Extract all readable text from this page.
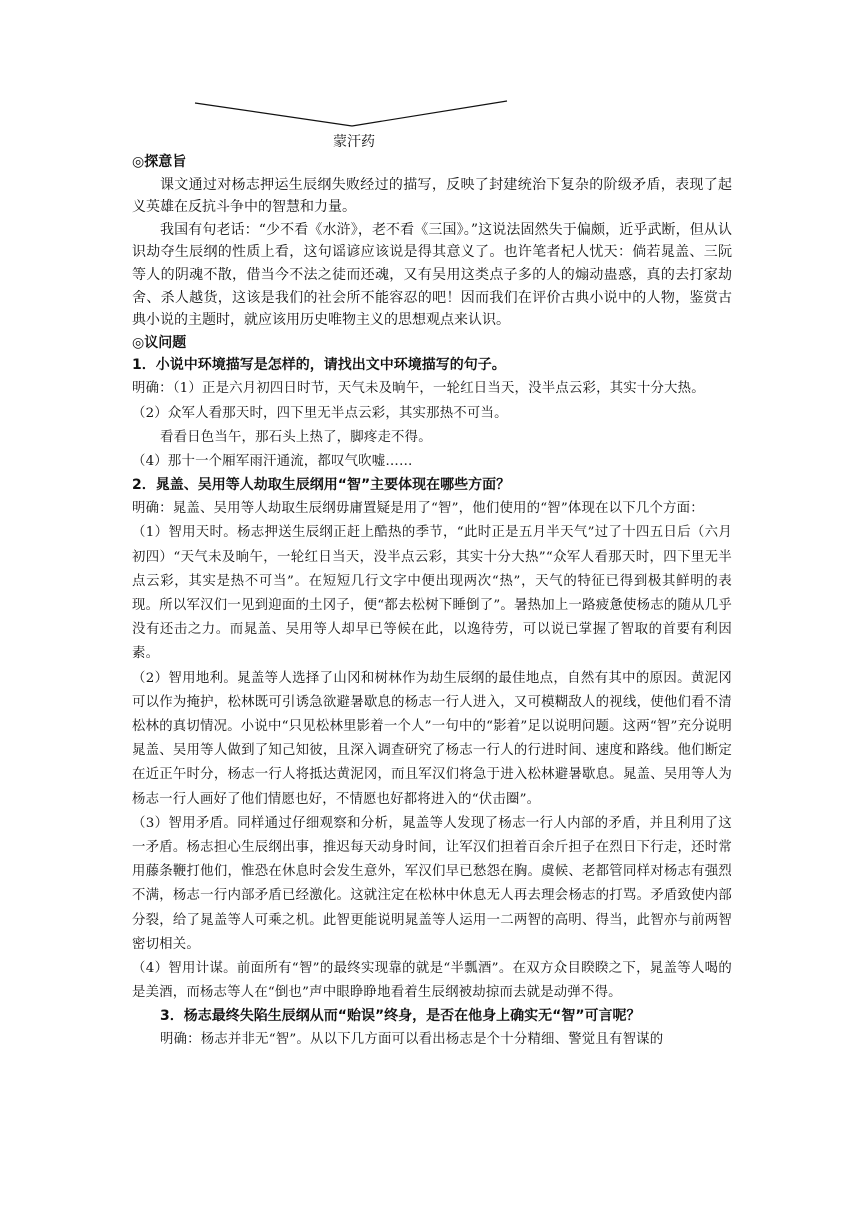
蒙汗药

◎探意旨

课文通过对杨志押运生辰纲失败经过的描写，反映了封建统治下复杂的阶级矛盾，表现了起义英雄在反抗斗争中的智慧和力量。

我国有句老话：“少不看《水浒》，老不看《三国》。”这说法固然失于偏颇，近乎武断，但从认识劫夺生辰纲的性质上看，这句谣谚应该说是得其意义了。也许笔者杞人忧天：倘若晁盖、三阮等人的阴魂不散，借当今不法之徒而还魂，又有吴用这类点子多的人的煽动蛊惑，真的去打家劫舍、杀人越货，这该是我们的社会所不能容忍的吧！因而我们在评价古典小说中的人物，鉴赏古典小说的主题时，就应该用历史唯物主义的思想观点来认识。

◎议问题

1．小说中环境描写是怎样的，请找出文中环境描写的句子。

明确：（1）正是六月初四日时节，天气未及晌午，一轮红日当天，没半点云彩，其实十分大热。

（2）众军人看那天时，四下里无半点云彩，其实那热不可当。

看看日色当午，那石头上热了，脚疼走不得。

（4）那十一个厢军雨汗通流，都叹气吹嘘……

2．晁盖、吴用等人劫取生辰纲用“智”主要体现在哪些方面？

明确：晁盖、吴用等人劫取生辰纲毋庸置疑是用了“智”，他们使用的“智”体现在以下几个方面：

（1）智用天时。杨志押送生辰纲正赶上酷热的季节，“此时正是五月半天气”过了十四五日后（六月初四）“天气未及晌午，一轮红日当天，没半点云彩，其实十分大热”“众军人看那天时，四下里无半点云彩，其实是热不可当”。在短短几行文字中便出现两次“热”，天气的特征已得到极其鲜明的表现。所以军汉们一见到迎面的土冈子，便“都去松树下睡倒了”。暑热加上一路疲惫使杨志的随从几乎没有还击之力。而晁盖、吴用等人却早已等候在此，以逸待劳，可以说已掌握了智取的首要有利因素。

（2）智用地利。晁盖等人选择了山冈和树林作为劫生辰纲的最佳地点，自然有其中的原因。黄泥冈可以作为掩护，松林既可引诱急欲避暑歇息的杨志一行人进入，又可模糊敌人的视线，使他们看不清松林的真切情况。小说中“只见松林里影着一个人”一句中的“影着”足以说明问题。这两“智”充分说明晁盖、吴用等人做到了知己知彼，且深入调查研究了杨志一行人的行进时间、速度和路线。他们断定在近正午时分，杨志一行人将抵达黄泥冈，而且军汉们将急于进入松林避暑歇息。晁盖、吴用等人为杨志一行人画好了他们情愿也好，不情愿也好都将进入的“伏击圈”。

（3）智用矛盾。同样通过仔细观察和分析，晁盖等人发现了杨志一行人内部的矛盾，并且利用了这一矛盾。杨志担心生辰纲出事，推迟每天动身时间，让军汉们担着百余斤担子在烈日下行走，还时常用藤条鞭打他们，惟恐在休息时会发生意外，军汉们早已愁怨在胸。虞候、老都管同样对杨志有强烈不满，杨志一行内部矛盾已经激化。这就注定在松林中休息无人再去理会杨志的打骂。矛盾致使内部分裂，给了晁盖等人可乘之机。此智更能说明晁盖等人运用一二两智的高明、得当，此智亦与前两智密切相关。

（4）智用计谋。前面所有“智”的最终实现靠的就是“半瓢酒”。在双方众目睽睽之下，晁盖等人喝的是美酒，而杨志等人在“倒也”声中眼睁睁地看着生辰纲被劫掠而去就是动弹不得。

3．杨志最终失陷生辰纲从而“贻误”终身，是否在他身上确实无“智”可言呢？

明确：杨志并非无“智”。从以下几方面可以看出杨志是个十分精细、警觉且有智谋的
